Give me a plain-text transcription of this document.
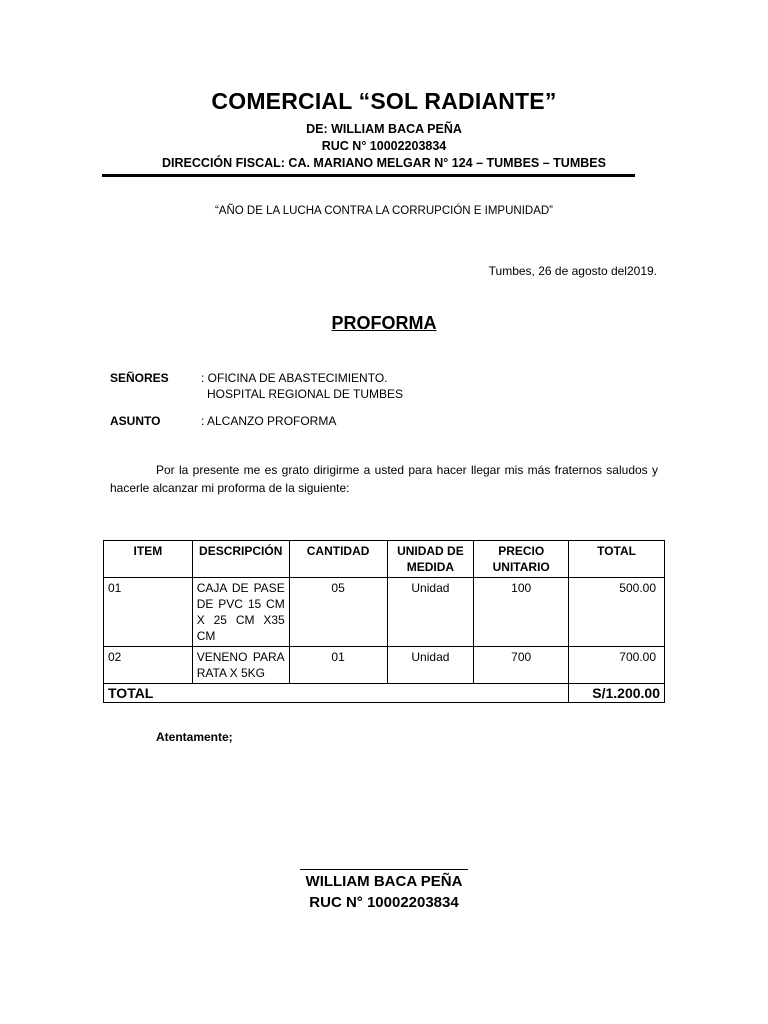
COMERCIAL “SOL RADIANTE”
DE: WILLIAM BACA PEÑA
RUC N° 10002203834
DIRECCIÓN FISCAL: CA. MARIANO MELGAR N° 124 – TUMBES – TUMBES
“AÑO DE LA LUCHA CONTRA LA CORRUPCIÓN E IMPUNIDAD”
Tumbes, 26 de agosto del2019.
PROFORMA
SEÑORES	: OFICINA DE ABASTECIMIENTO.
HOSPITAL REGIONAL DE TUMBES
ASUNTO	: ALCANZO PROFORMA
Por la presente me es grato dirigirme a usted para hacer llegar mis más fraternos saludos y hacerle alcanzar mi proforma de la siguiente:
ITEM	DESCRIPCIÓN	CANTIDAD	UNIDAD DE MEDIDA	PRECIO UNITARIO	TOTAL
01	CAJA DE PASE DE PVC 15 CM X 25 CM X35 CM	05	Unidad	100	500.00
02	VENENO PARA RATA X 5KG	01	Unidad	700	700.00
TOTAL					S/1.200.00
Atentamente;
WILLIAM BACA PEÑA
RUC N° 10002203834
